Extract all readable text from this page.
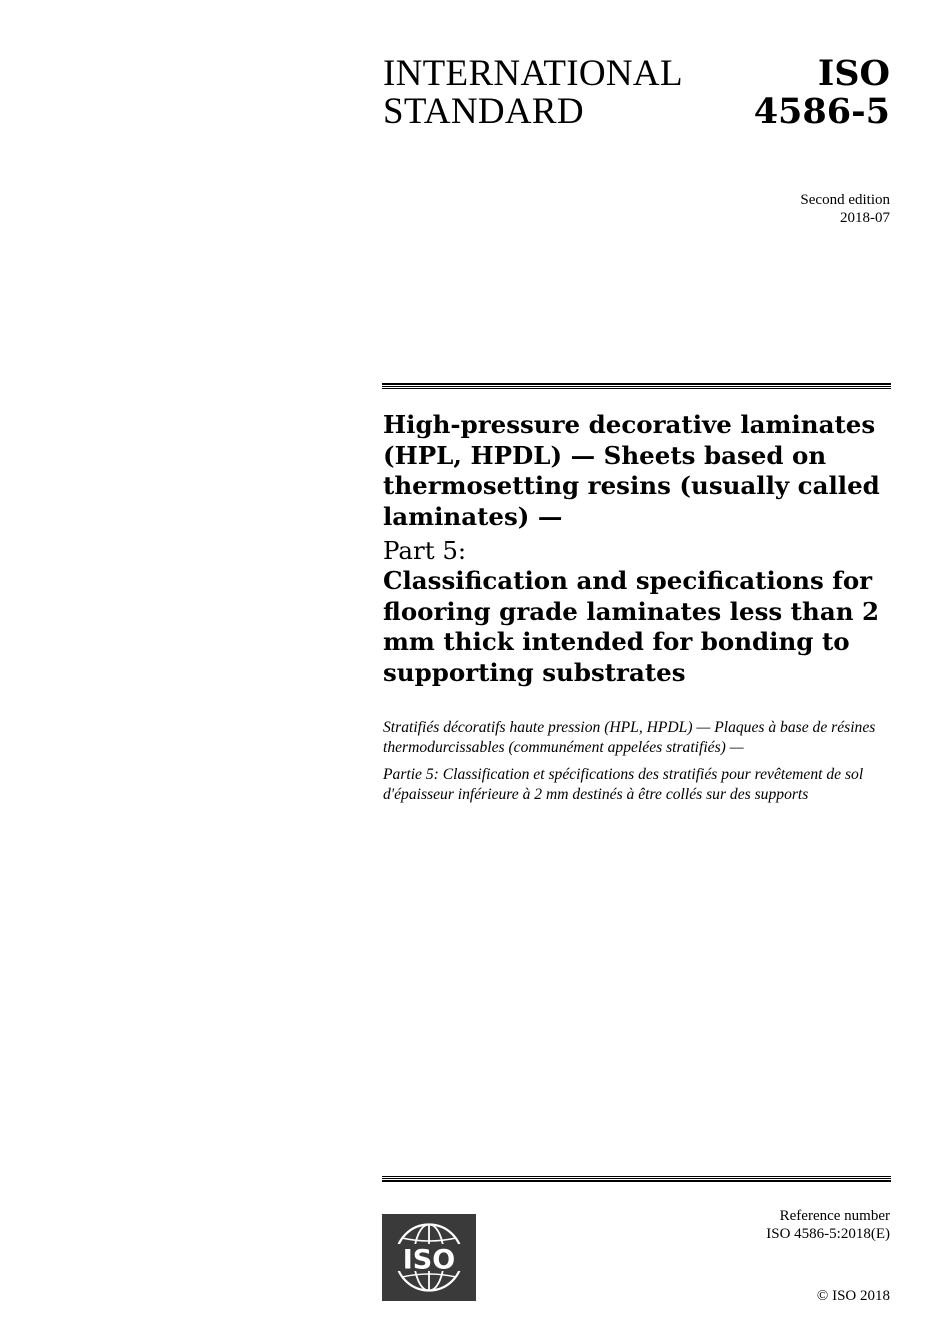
INTERNATIONAL
STANDARD
ISO
4586-5
Second edition
2018-07
High-pressure decorative laminates (HPL, HPDL) — Sheets based on thermosetting resins (usually called laminates) —
Part 5:
Classification and specifications for flooring grade laminates less than 2 mm thick intended for bonding to supporting substrates

Stratifiés décoratifs haute pression (HPL, HPDL) — Plaques à base de résines thermodurcissables (communément appelées stratifiés) —

Partie 5: Classification et spécifications des stratifiés pour revêtement de sol d'épaisseur inférieure à 2 mm destinés à être collés sur des supports

ISO
Reference number
ISO 4586-5:2018(E)
© ISO 2018
